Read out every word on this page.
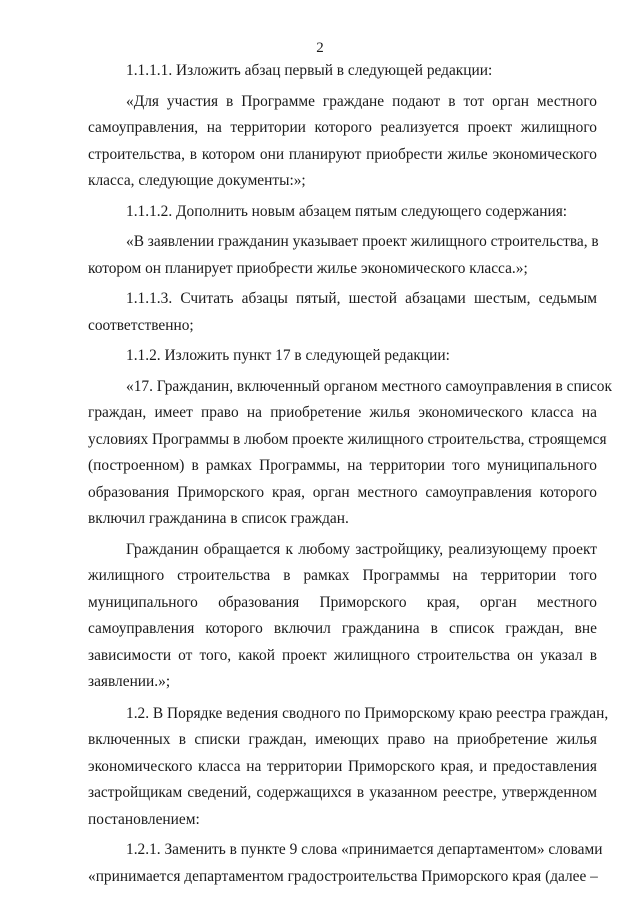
2

1.1.1.1. Изложить абзац первый в следующей редакции:

«Для участия в Программе граждане подают в тот орган местного
самоуправления, на территории которого реализуется проект жилищного
строительства, в котором они планируют приобрести жилье экономического
класса, следующие документы:»;

1.1.1.2. Дополнить новым абзацем пятым следующего содержания:

«В заявлении гражданин указывает проект жилищного строительства, в
котором он планирует приобрести жилье экономического класса.»;

1.1.1.3. Считать абзацы пятый, шестой абзацами шестым, седьмым
соответственно;

1.1.2. Изложить пункт 17 в следующей редакции:

«17. Гражданин, включенный органом местного самоуправления в список
граждан, имеет право на приобретение жилья экономического класса на
условиях Программы в любом проекте жилищного строительства, строящемся
(построенном) в рамках Программы, на территории того муниципального
образования Приморского края, орган местного самоуправления которого
включил гражданина в список граждан.

Гражданин обращается к любому застройщику, реализующему проект
жилищного строительства в рамках Программы на территории того
муниципального образования Приморского края, орган местного
самоуправления которого включил гражданина в список граждан, вне
зависимости от того, какой проект жилищного строительства он указал в
заявлении.»;

1.2. В Порядке ведения сводного по Приморскому краю реестра граждан,
включенных в списки граждан, имеющих право на приобретение жилья
экономического класса на территории Приморского края, и предоставления
застройщикам сведений, содержащихся в указанном реестре, утвержденном
постановлением:

1.2.1. Заменить в пункте 9 слова «принимается департаментом» словами
«принимается департаментом градостроительства Приморского края (далее –
